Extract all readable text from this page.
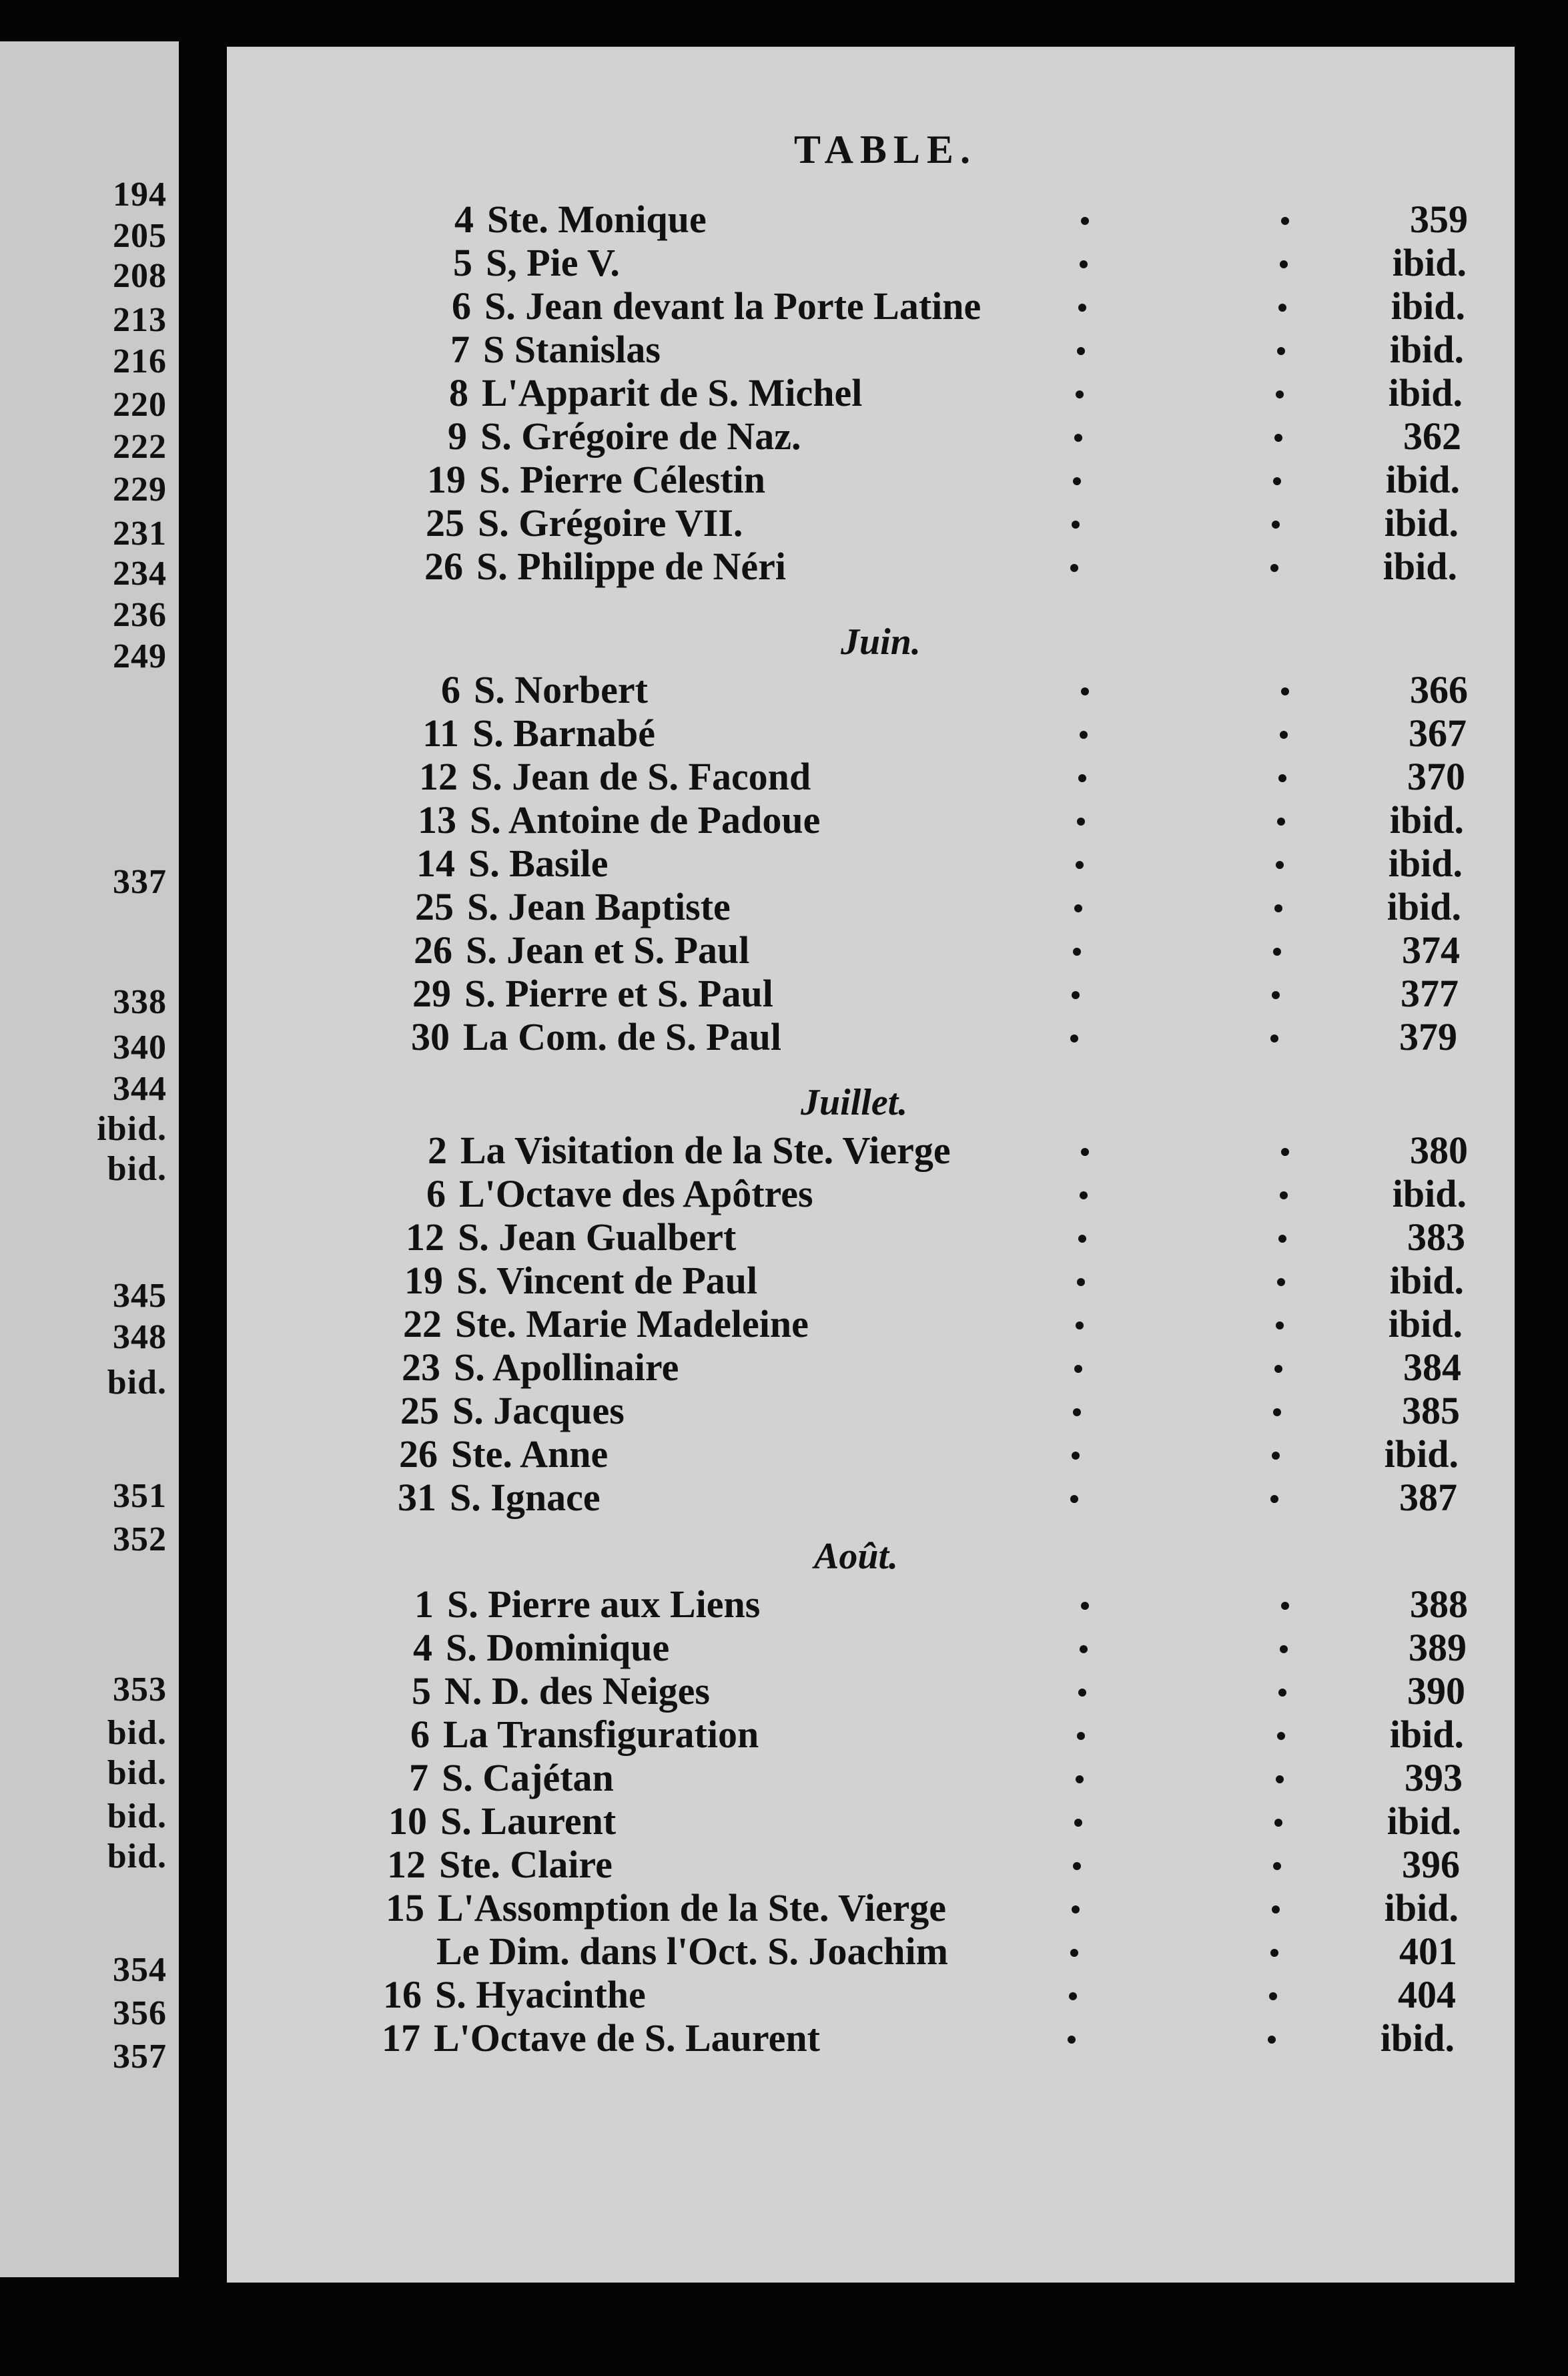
194
205
208
213
216
220
222
229
231
234
236
249
337
338
340
344
ibid.
bid.
345
348
bid.
351
352
353
bid.
bid.
bid.
bid.
354
356
357
TABLE.
4 Ste. Monique	359
5 S, Pie V.	ibid.
6 S. Jean devant la Porte Latine	ibid.
7 S Stanislas	ibid.
8 L'Apparit de S. Michel	ibid.
9 S. Grégoire de Naz.	362
19 S. Pierre Célestin	ibid.
25 S. Grégoire VII.	ibid.
26 S. Philippe de Néri	ibid.
Juin.
6 S. Norbert	366
11 S. Barnabé	367
12 S. Jean de S. Facond	370
13 S. Antoine de Padoue	ibid.
14 S. Basile	ibid.
25 S. Jean Baptiste	ibid.
26 S. Jean et S. Paul	374
29 S. Pierre et S. Paul	377
30 La Com. de S. Paul	379
Juillet.
2 La Visitation de la Ste. Vierge	380
6 L'Octave des Apôtres	ibid.
12 S. Jean Gualbert	383
19 S. Vincent de Paul	ibid.
22 Ste. Marie Madeleine	ibid.
23 S. Apollinaire	384
25 S. Jacques	385
26 Ste. Anne	ibid.
31 S. Ignace	387
Août.
1 S. Pierre aux Liens	388
4 S. Dominique	389
5 N. D. des Neiges	390
6 La Transfiguration	ibid.
7 S. Cajétan	393
10 S. Laurent	ibid.
12 Ste. Claire	396
15 L'Assomption de la Ste. Vierge	ibid.
Le Dim. dans l'Oct. S. Joachim	401
16 S. Hyacinthe	404
17 L'Octave de S. Laurent	ibid.
